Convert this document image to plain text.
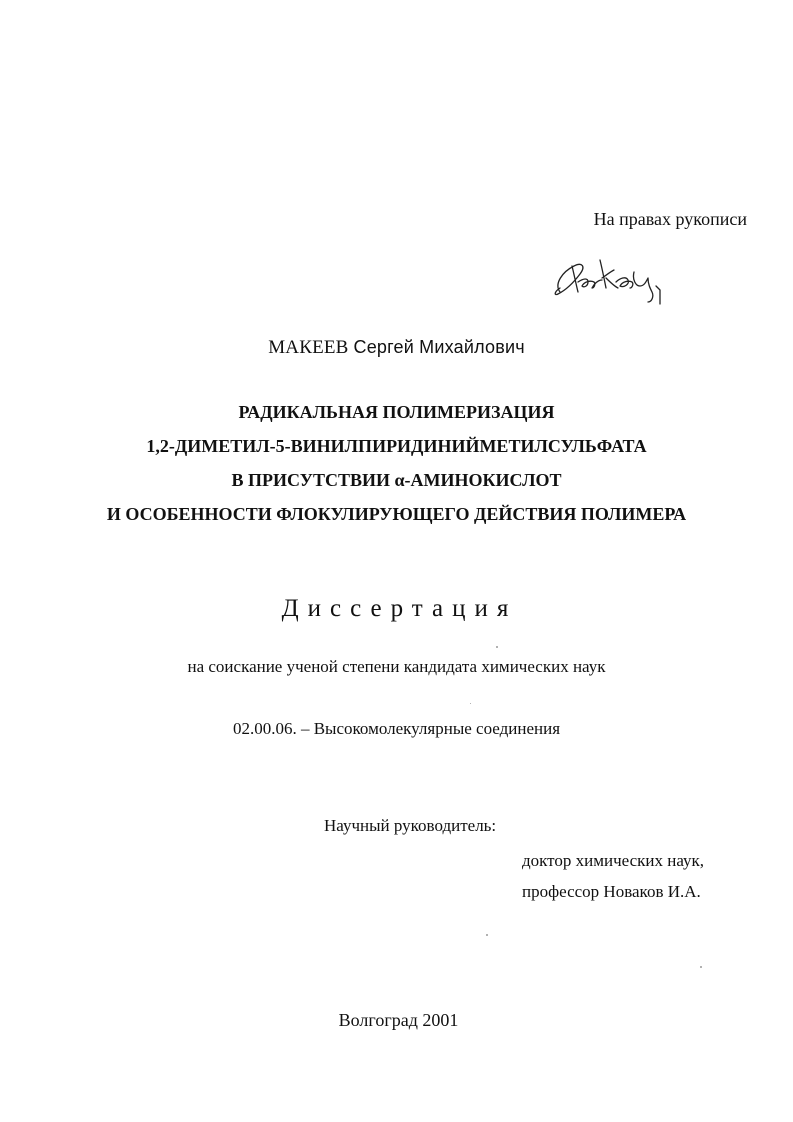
На правах рукописи
МАКЕЕВ Сергей Михайлович
РАДИКАЛЬНАЯ ПОЛИМЕРИЗАЦИЯ
1,2-ДИМЕТИЛ-5-ВИНИЛПИРИДИНИЙМЕТИЛСУЛЬФАТА
В ПРИСУТСТВИИ α-АМИНОКИСЛОТ
И ОСОБЕННОСТИ ФЛОКУЛИРУЮЩЕГО ДЕЙСТВИЯ ПОЛИМЕРА
Диссертация
на соискание ученой степени кандидата химических наук
02.00.06. – Высокомолекулярные соединения
Научный руководитель:
доктор химических наук,
профессор Новаков И.А.
Волгоград 2001
